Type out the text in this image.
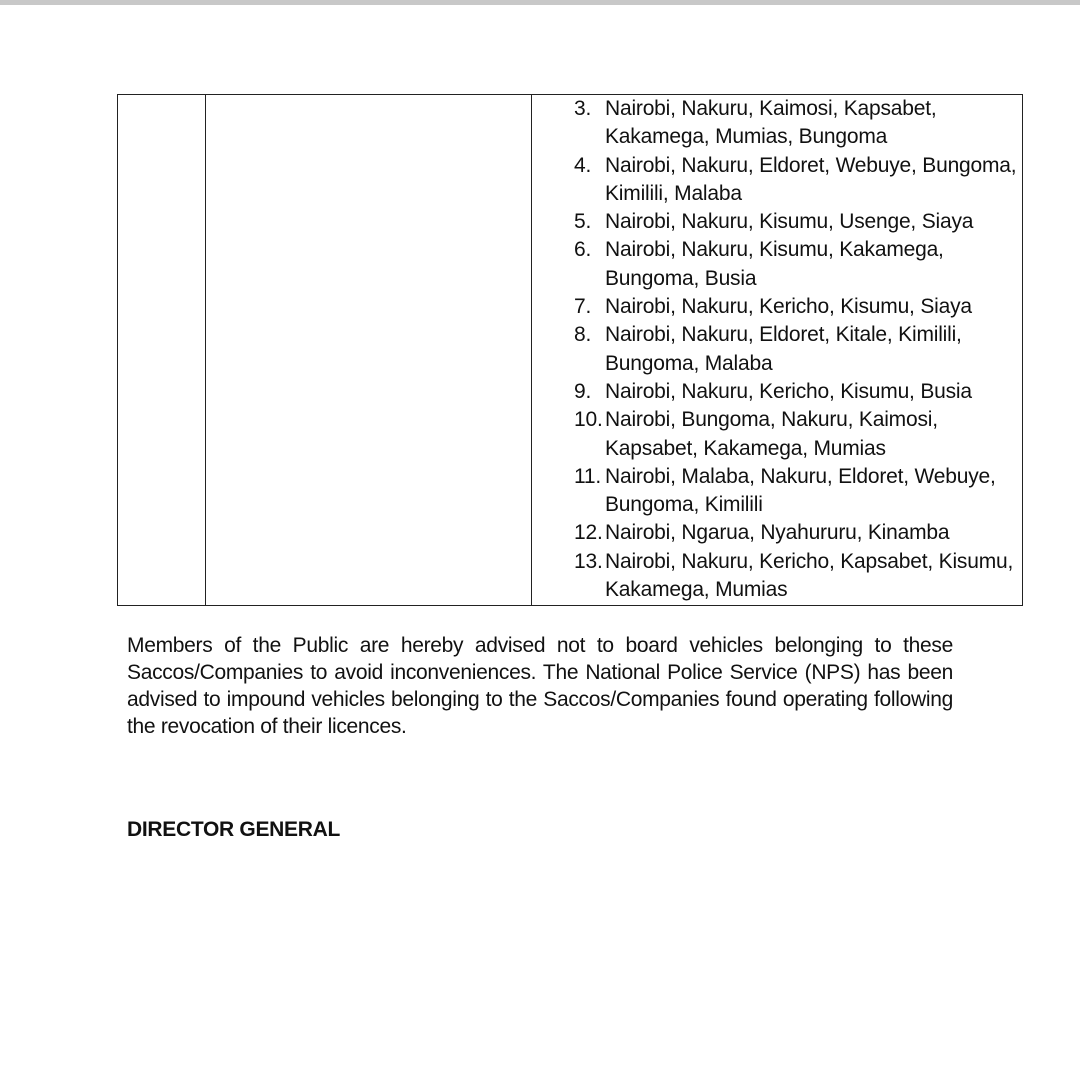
3. Nairobi, Nakuru, Kaimosi, Kapsabet, Kakamega, Mumias, Bungoma
4. Nairobi, Nakuru, Eldoret, Webuye, Bungoma, Kimilili, Malaba
5. Nairobi, Nakuru, Kisumu, Usenge, Siaya
6. Nairobi, Nakuru, Kisumu, Kakamega, Bungoma, Busia
7. Nairobi, Nakuru, Kericho, Kisumu, Siaya
8. Nairobi, Nakuru, Eldoret, Kitale, Kimilili, Bungoma, Malaba
9. Nairobi, Nakuru, Kericho, Kisumu, Busia
10. Nairobi, Bungoma, Nakuru, Kaimosi, Kapsabet, Kakamega, Mumias
11. Nairobi, Malaba, Nakuru, Eldoret, Webuye, Bungoma, Kimilili
12. Nairobi, Ngarua, Nyahururu, Kinamba
13. Nairobi, Nakuru, Kericho, Kapsabet, Kisumu, Kakamega, Mumias

Members of the Public are hereby advised not to board vehicles belonging to these Saccos/Companies to avoid inconveniences. The National Police Service (NPS) has been advised to impound vehicles belonging to the Saccos/Companies found operating following the revocation of their licences.

DIRECTOR GENERAL
